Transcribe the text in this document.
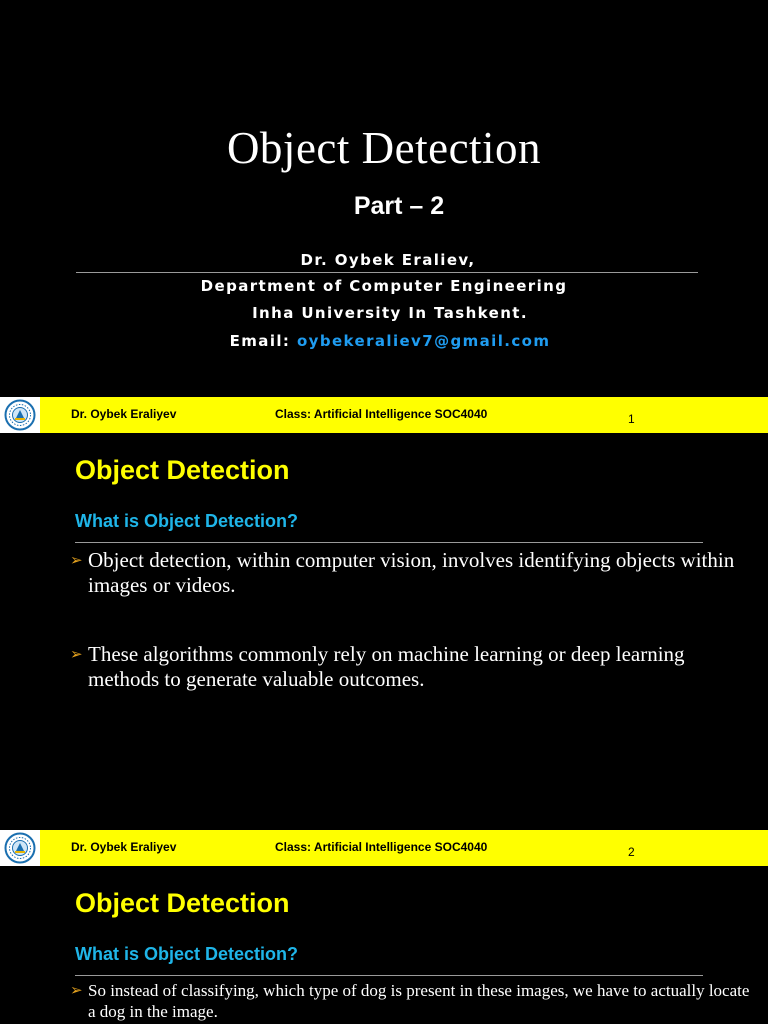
Object Detection
Part – 2
Dr. Oybek Eraliev,
Department of Computer Engineering
Inha University In Tashkent.
Email: oybekeraliev7@gmail.com
Dr. Oybek Eraliyev	Class: Artificial Intelligence SOC4040	1
Object Detection
What is Object Detection?
➢ Object detection, within computer vision, involves identifying objects within images or videos.
➢ These algorithms commonly rely on machine learning or deep learning methods to generate valuable outcomes.
Dr. Oybek Eraliyev	Class: Artificial Intelligence SOC4040	2
Object Detection
What is Object Detection?
➢ So instead of classifying, which type of dog is present in these images, we have to actually locate a dog in the image.
